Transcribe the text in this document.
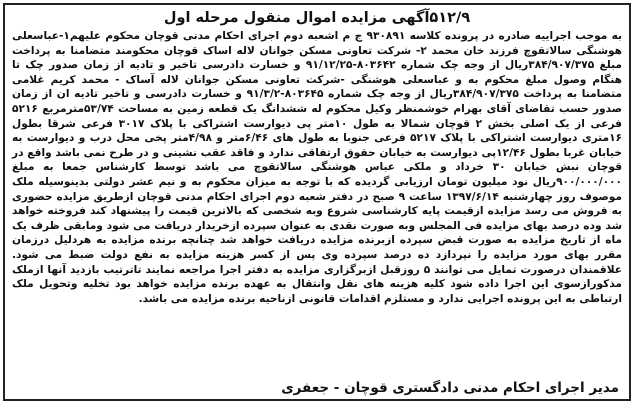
۵۱۲/۹آگهی مزایده اموال منقول مرحله اول

به موجب اجراییه صادره در پرونده کلاسه ۹۳۰۸۹۱ ج م اشعبه دوم اجرای احکام مدنی قوچان محکوم علیهم۱-عباسعلی هوشنگی سالاتقوچ فرزند خان محمد ۲- شرکت تعاونی مسکن جوانان لاله اساک قوچان محکومند متضامنا به پرداخت مبلغ ۳۸۴/۹۰۷/۳۷۵ریال از وجه چک شماره ۸۰۳۶۴۲-۹۱/۱۲/۲۵ و خسارت دادرسی تاخیر و تادیه از زمان صدور چک تا هنگام وصول مبلغ محکوم به و عباسعلی هوشنگی -شرکت تعاونی مسکن جوانان لاله آساک - محمد کریم غلامی متضامنا به پرداخت ۳۸۴/۹۰۷/۳۷۵ریال از وجه چک شماره ۸۰۳۶۴۵-۹۱/۳/۲ و خسارت دادرسی و تاخیر تادیه ان از زمان صدور حسب تقاضای آقای بهرام خوشمنظر وکیل محکوم له ششدانگ یک قطعه زمین به مساحت ۵۳/۷۴مترمربع ۵۲۱۶ فرعی از یک اصلی بخش ۲ قوچان شمالا به طول ۱۰متر پی دیوارست اشتراکی با پلاک ۳۰۱۷ فرعی شرقا بطول ۱۶متری دیوارست اشتراکی با پلاک ۵۲۱۷ فرعی جنوبا به طول های ۶/۴۶متر و ۴/۹۸متر پخی محل درب و دیوارست به خیابان غربا بطول ۱۲/۴۶پی دیوارست به خیابان حقوق ارتفاقی ندارد و فاقد عقب نشینی و در طرح نمی باشد واقع در قوچان نبش خیابان ۳۰ خرداد و ملکی عباس هوشنگی سالاتقوچ می باشد توسط کارشناس جمعا به مبلغ ۹۰۰/۰۰۰/۰۰۰ریال نود میلیون تومان ارزیابی گردیده که با توجه به میزان محکوم به و نیم عشر دولتی بدینوسیله ملک موصوف روز چهارشنبه ۱۳۹۷/۶/۱۴ ساعت ۹ صبح در دفتر شعبه دوم اجرای احکام مدنی قوچان ازطریق مزایده حضوری به فروش می رسد مزایده ازقیمت پایه کارشناسی شروع وبه شخصی که بالاترین قیمت را پیشنهاد کند فروخته خواهد شد وده درصد بهای مزایده فی المجلس وبه صورت نقدی به عنوان سپرده ازخریدار دریافت می شود ومابقی ظرف یک ماه از تاریخ مزایده به صورت قبض سپرده ازبرنده مزایده دریافت خواهد شد چنانچه برنده مزایده به هردلیل درزمان مقرر بهای مورد مزایده را نپردازد ده درصد سپرده وی پس از کسر هزینه مزایده به نفع دولت ضبط می شود. علاقمندان درصورت تمایل می توانند ۵ روزقبل ازبرگزاری مزایده به دفتر اجرا مراجعه نمایند تاترتیب بازدید آنها ازملک مذکورازسوی این اجرا داده شود کلیه هزینه های نقل وانتقال به عهده برنده مزایده خواهد بود تخلیه وتحویل ملک ارتباطی به این پرونده اجرایی ندارد و مستلزم اقدامات قانونی ازناحیه برنده مزایده می باشد.

مدیر اجرای احکام مدنی دادگستری قوچان - جعفری
